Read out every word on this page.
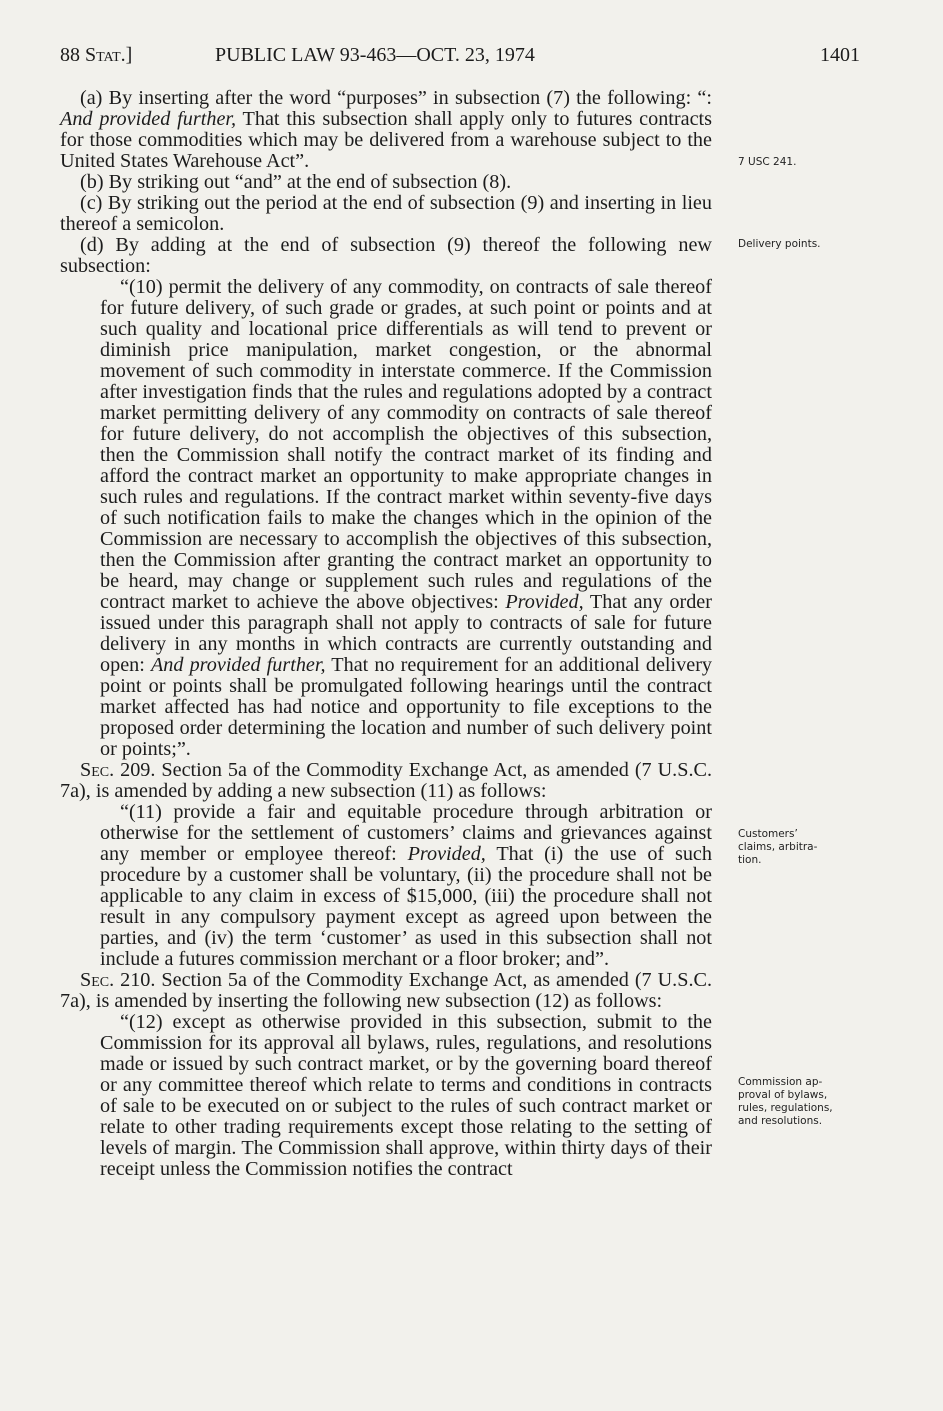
88 Stat.]	PUBLIC LAW 93-463—OCT. 23, 1974	1401

(a) By inserting after the word “purposes” in subsection (7) the following: “: And provided further, That this subsection shall apply only to futures contracts for those commodities which may be delivered from a warehouse subject to the United States Warehouse Act”.

(b) By striking out “and” at the end of subsection (8).

(c) By striking out the period at the end of subsection (9) and inserting in lieu thereof a semicolon.

(d) By adding at the end of subsection (9) thereof the following new subsection:

“(10) permit the delivery of any commodity, on contracts of sale thereof for future delivery, of such grade or grades, at such point or points and at such quality and locational price differentials as will tend to prevent or diminish price manipulation, market congestion, or the abnormal movement of such commodity in interstate commerce. If the Commission after investigation finds that the rules and regulations adopted by a contract market permitting delivery of any commodity on contracts of sale thereof for future delivery, do not accomplish the objectives of this subsection, then the Commission shall notify the contract market of its finding and afford the contract market an opportunity to make appropriate changes in such rules and regulations. If the contract market within seventy-five days of such notification fails to make the changes which in the opinion of the Commission are necessary to accomplish the objectives of this subsection, then the Commission after granting the contract market an opportunity to be heard, may change or supplement such rules and regulations of the contract market to achieve the above objectives: Provided, That any order issued under this paragraph shall not apply to contracts of sale for future delivery in any months in which contracts are currently outstanding and open: And provided further, That no requirement for an additional delivery point or points shall be promulgated following hearings until the contract market affected has had notice and opportunity to file exceptions to the proposed order determining the location and number of such delivery point or points;”.

Sec. 209. Section 5a of the Commodity Exchange Act, as amended (7 U.S.C. 7a), is amended by adding a new subsection (11) as follows:

“(11) provide a fair and equitable procedure through arbitration or otherwise for the settlement of customers’ claims and grievances against any member or employee thereof: Provided, That (i) the use of such procedure by a customer shall be voluntary, (ii) the procedure shall not be applicable to any claim in excess of $15,000, (iii) the procedure shall not result in any compulsory payment except as agreed upon between the parties, and (iv) the term ‘customer’ as used in this subsection shall not include a futures commission merchant or a floor broker; and”.

Sec. 210. Section 5a of the Commodity Exchange Act, as amended (7 U.S.C. 7a), is amended by inserting the following new subsection (12) as follows:

“(12) except as otherwise provided in this subsection, submit to the Commission for its approval all bylaws, rules, regulations, and resolutions made or issued by such contract market, or by the governing board thereof or any committee thereof which relate to terms and conditions in contracts of sale to be executed on or subject to the rules of such contract market or relate to other trading requirements except those relating to the setting of levels of margin. The Commission shall approve, within thirty days of their receipt unless the Commission notifies the contract

7 USC 241.
Delivery points.
Customers’
claims, arbitra-
tion.
Commission ap-
proval of bylaws,
rules, regulations,
and resolutions.
